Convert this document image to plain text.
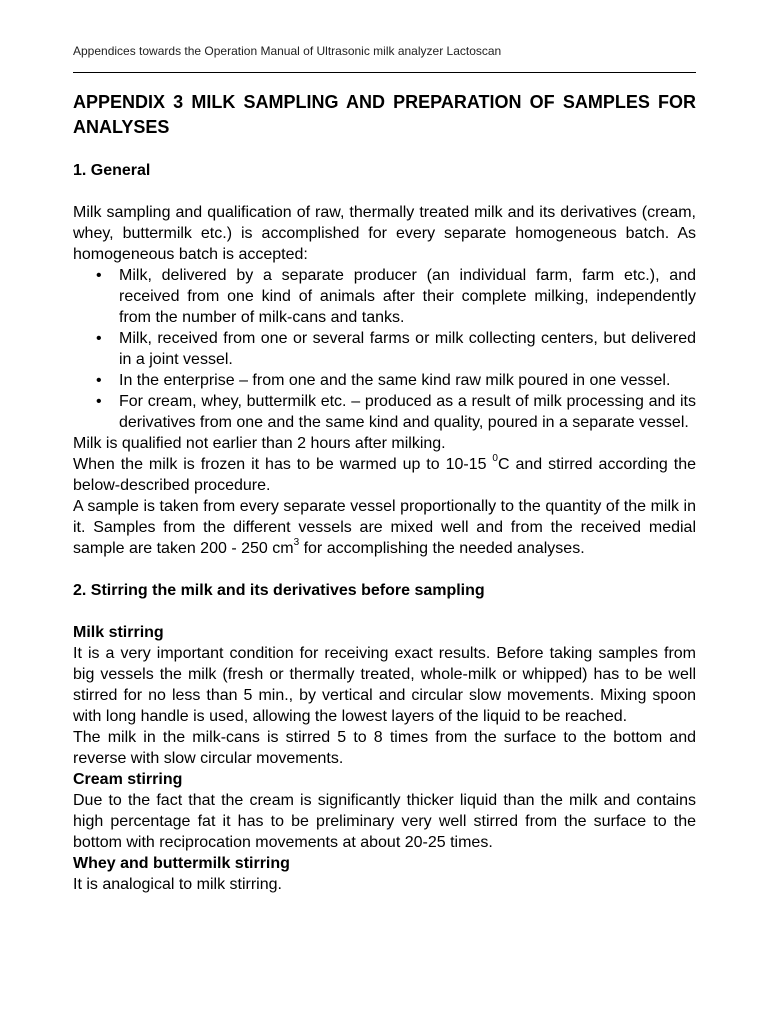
Appendices towards the Operation Manual of Ultrasonic milk analyzer Lactoscan
APPENDIX 3 MILK SAMPLING AND PREPARATION OF SAMPLES FOR ANALYSES
1. General

Milk sampling and qualification of raw, thermally treated milk and its derivatives (cream, whey, buttermilk etc.) is accomplished for every separate homogeneous batch. As homogeneous batch is accepted:

• Milk, delivered by a separate producer (an individual farm, farm etc.), and received from one kind of animals after their complete milking, independently from the number of milk-cans and tanks.
• Milk, received from one or several farms or milk collecting centers, but delivered in a joint vessel.
• In the enterprise – from one and the same kind raw milk poured in one vessel.
• For cream, whey, buttermilk etc. – produced as a result of milk processing and its derivatives from one and the same kind and quality, poured in a separate vessel.

Milk is qualified not earlier than 2 hours after milking.

When the milk is frozen it has to be warmed up to 10-15 $^0$C and stirred according the below-described procedure.

A sample is taken from every separate vessel proportionally to the quantity of the milk in it. Samples from the different vessels are mixed well and from the received medial sample are taken 200 - 250 $cm^3$ for accomplishing the needed analyses.

2. Stirring the milk and its derivatives before sampling
Milk stirring

It is a very important condition for receiving exact results. Before taking samples from big vessels the milk (fresh or thermally treated, whole-milk or whipped) has to be well stirred for no less than 5 min., by vertical and circular slow movements. Mixing spoon with long handle is used, allowing the lowest layers of the liquid to be reached.

The milk in the milk-cans is stirred 5 to 8 times from the surface to the bottom and reverse with slow circular movements.

Cream stirring

Due to the fact that the cream is significantly thicker liquid than the milk and contains high percentage fat it has to be preliminary very well stirred from the surface to the bottom with reciprocation movements at about 20-25 times.

Whey and buttermilk stirring

It is analogical to milk stirring.
